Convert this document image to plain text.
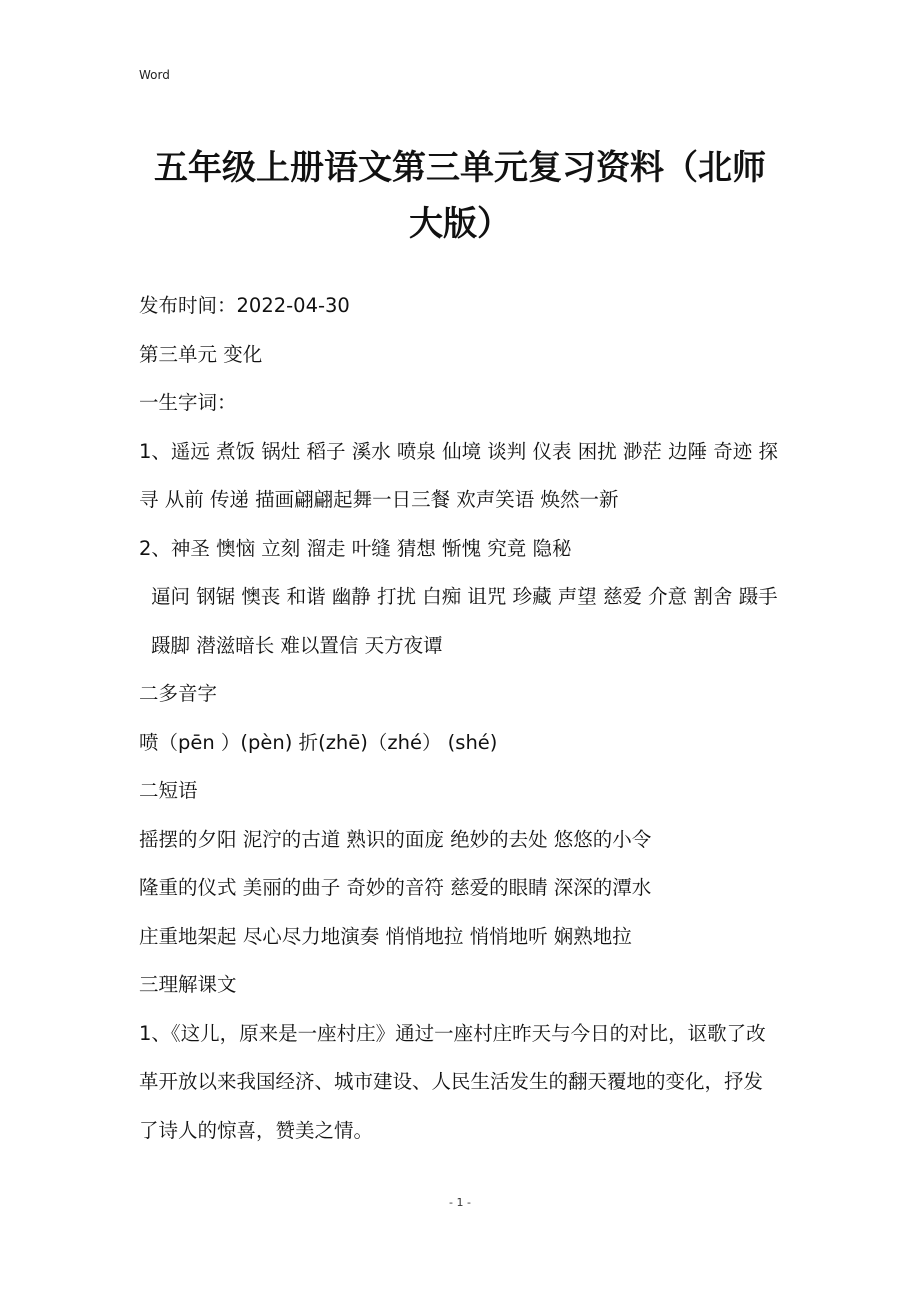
Word
五年级上册语文第三单元复习资料（北师大版）

发布时间：2022-04-30

第三单元 变化

一生字词：

1、遥远 煮饭 锅灶 稻子 溪水 喷泉 仙境 谈判 仪表 困扰 渺茫 边陲 奇迹 探寻 从前 传递 描画翩翩起舞一日三餐 欢声笑语 焕然一新

2、神圣 懊恼 立刻 溜走 叶缝 猜想 惭愧 究竟 隐秘

逼问 钢锯 懊丧 和谐 幽静 打扰 白痴 诅咒 珍藏 声望 慈爱 介意 割舍 蹑手蹑脚 潜滋暗长 难以置信 天方夜谭

二多音字

喷（pēn ）(pèn) 折(zhē)（zhé） (shé)

二短语

摇摆的夕阳 泥泞的古道 熟识的面庞 绝妙的去处 悠悠的小令

隆重的仪式 美丽的曲子 奇妙的音符 慈爱的眼睛 深深的潭水

庄重地架起 尽心尽力地演奏 悄悄地拉 悄悄地听 娴熟地拉

三理解课文

1、《这儿，原来是一座村庄》通过一座村庄昨天与今日的对比，讴歌了改革开放以来我国经济、城市建设、人民生活发生的翻天覆地的变化，抒发了诗人的惊喜，赞美之情。

- 1 -
